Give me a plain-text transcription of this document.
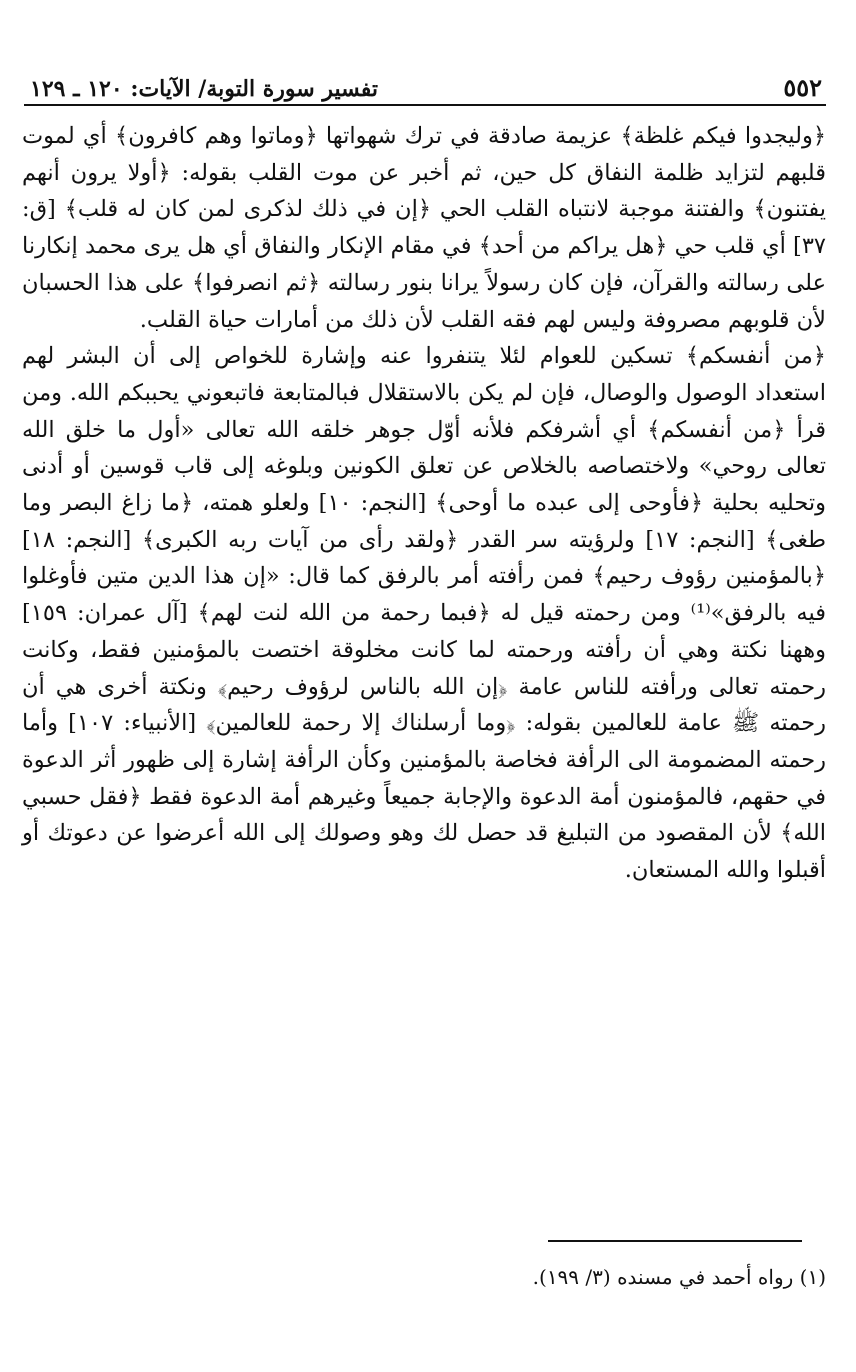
٥٥٢
تفسير سورة التوبة/ الآيات: ١٢٠ ـ ١٢٩

﴿وليجدوا فيكم غلظة﴾ عزيمة صادقة في ترك شهواتها ﴿وماتوا وهم كافرون﴾ أي لموت قلبهم لتزايد ظلمة النفاق كل حين، ثم أخبر عن موت القلب بقوله: ﴿أولا يرون أنهم يفتنون﴾ والفتنة موجبة لانتباه القلب الحي ﴿إن في ذلك لذكرى لمن كان له قلب﴾ [ق: ٣٧] أي قلب حي ﴿هل يراكم من أحد﴾ في مقام الإنكار والنفاق أي هل يرى محمد إنكارنا على رسالته والقرآن، فإن كان رسولاً يرانا بنور رسالته ﴿ثم انصرفوا﴾ على هذا الحسبان لأن قلوبهم مصروفة وليس لهم فقه القلب لأن ذلك من أمارات حياة القلب.

﴿من أنفسكم﴾ تسكين للعوام لئلا يتنفروا عنه وإشارة للخواص إلى أن البشر لهم استعداد الوصول والوصال، فإن لم يكن بالاستقلال فبالمتابعة فاتبعوني يحببكم الله. ومن قرأ ﴿من أنفسكم﴾ أي أشرفكم فلأنه أوّل جوهر خلقه الله تعالى «أول ما خلق الله تعالى روحي» ولاختصاصه بالخلاص عن تعلق الكونين وبلوغه إلى قاب قوسين أو أدنى وتحليه بحلية ﴿فأوحى إلى عبده ما أوحى﴾ [النجم: ١٠] ولعلو همته، ﴿ما زاغ البصر وما طغى﴾ [النجم: ١٧] ولرؤيته سر القدر ﴿ولقد رأى من آيات ربه الكبرى﴾ [النجم: ١٨] ﴿بالمؤمنين رؤوف رحيم﴾ فمن رأفته أمر بالرفق كما قال: «إن هذا الدين متين فأوغلوا فيه بالرفق»⁽¹⁾ ومن رحمته قيل له ﴿فبما رحمة من الله لنت لهم﴾ [آل عمران: ١٥٩] وههنا نكتة وهي أن رأفته ورحمته لما كانت مخلوقة اختصت بالمؤمنين فقط، وكانت رحمته تعالى ورأفته للناس عامة ﴿إن الله بالناس لرؤوف رحيم﴾ ونكتة أخرى هي أن رحمته ﷺ عامة للعالمين بقوله: ﴿وما أرسلناك إلا رحمة للعالمين﴾ [الأنبياء: ١٠٧] وأما رحمته المضمومة الى الرأفة فخاصة بالمؤمنين وكأن الرأفة إشارة إلى ظهور أثر الدعوة في حقهم، فالمؤمنون أمة الدعوة والإجابة جميعاً وغيرهم أمة الدعوة فقط ﴿فقل حسبي الله﴾ لأن المقصود من التبليغ قد حصل لك وهو وصولك إلى الله أعرضوا عن دعوتك أو أقبلوا والله المستعان.

(١) رواه أحمد في مسنده (٣/ ١٩٩).
